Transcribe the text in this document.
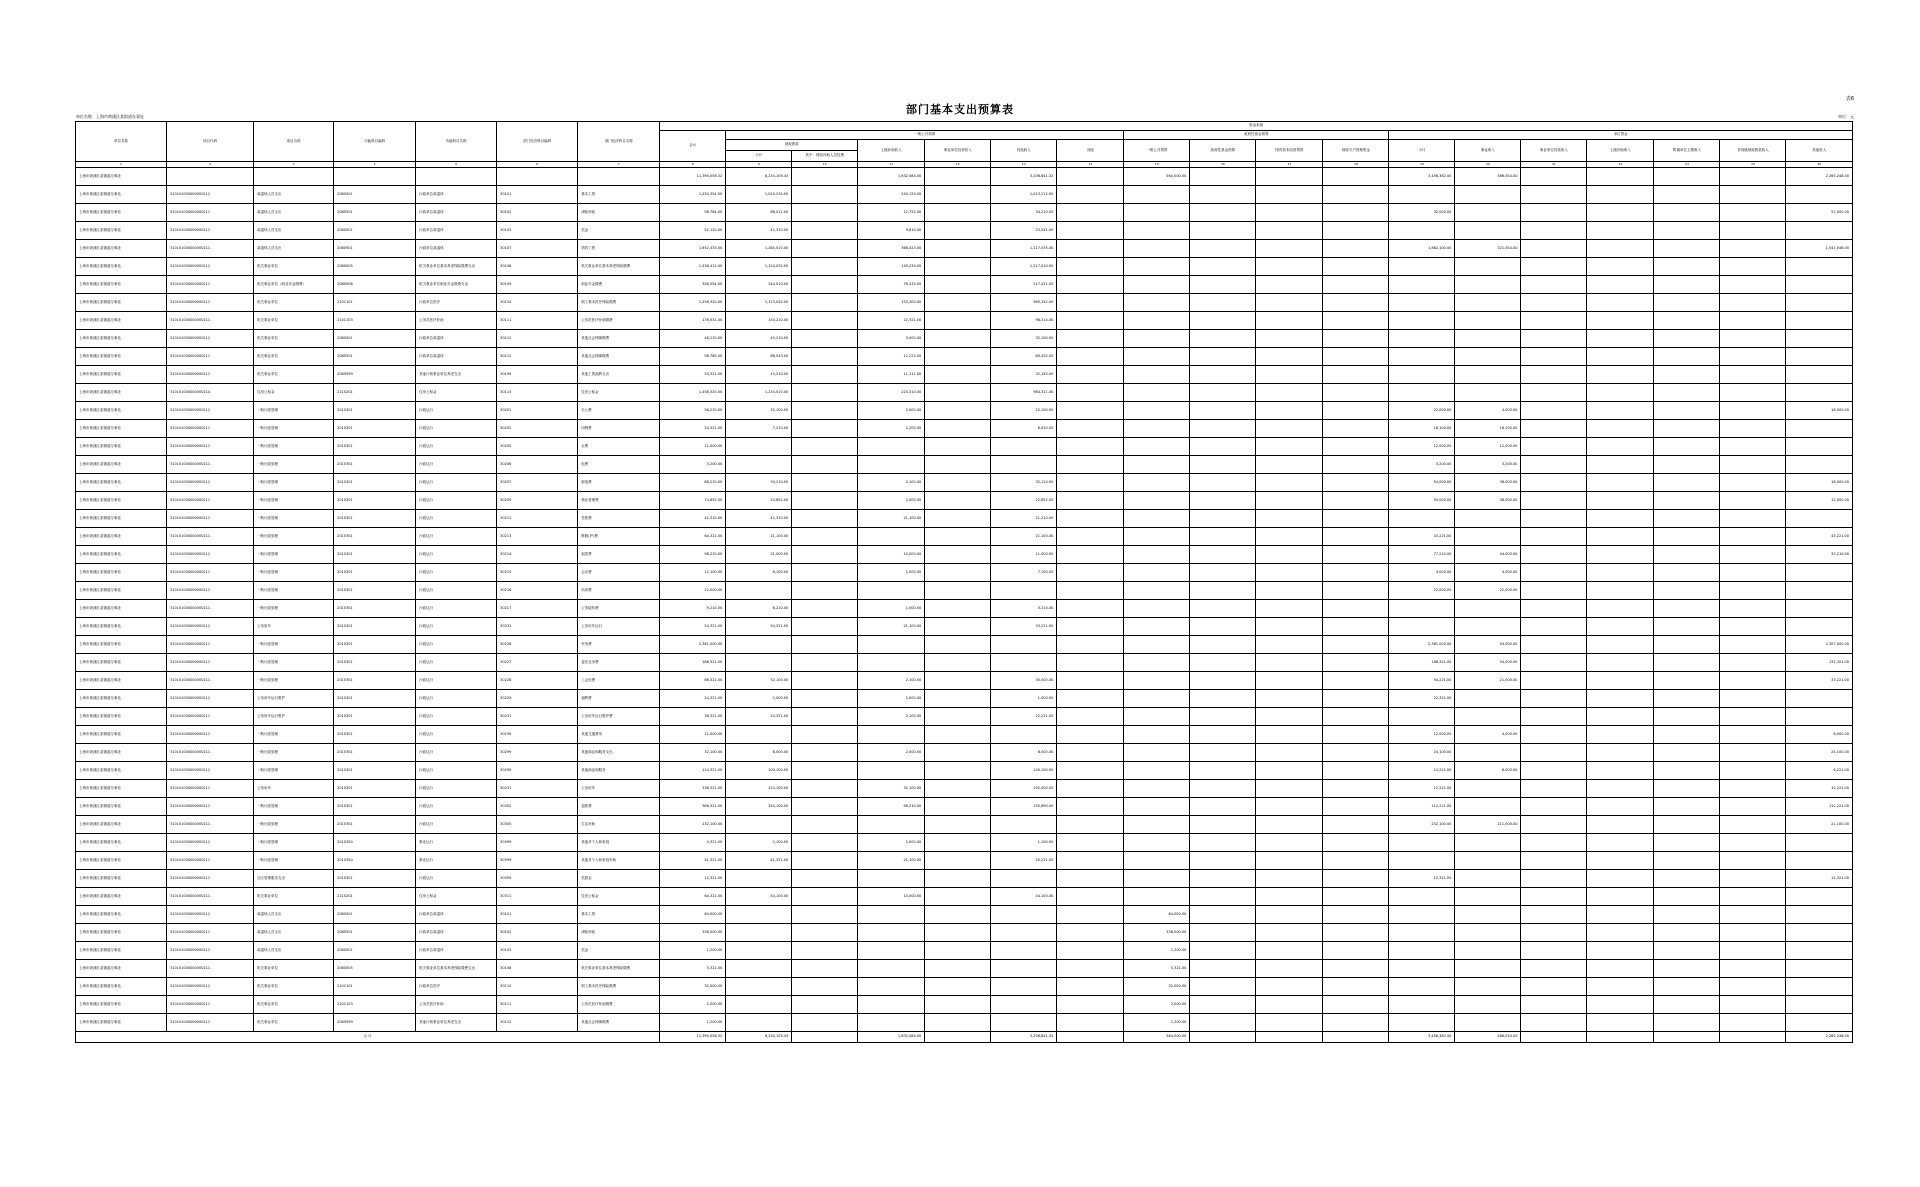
部门基本支出预算表
表6
单位名称：上海市黄浦区某街道办事处	单位：元
单位名称	项目代码	项目名称	功能科目编码	功能科目名称	部门经济科目编码	部门经济科目名称	资金来源																	
							合计	一般公共预算						政府性基金预算				单位资金						
								财政拨款		上级补助收入	事业单位经营收入	其他收入	其他	一般公共预算	政府性基金预算	国有资本经营预算	财政专户管理资金	小计	事业收入	事业单位经营收入	上级补助收入	附属单位上缴收入	非同级财政拨款收入	其他收入
								小计	其中：财政补助人员经费															
1	2	3	4	5	6	7	8	9	10	11	12	13	14	15	16	17	18	19	20	21	22	23	24	25
上海市黄浦区某街道办事处							11,390,056.32	8,234,105.43		1,632,084.00		3,206,841.32		564,000.00				3,456,382.00	586,054.00					2,265,248.00
上海市黄浦区某街道办事处	310101000000000211	离退休人员支出	2080501	行政单位离退休	30101	基本工资	1,250,354.00	1,010,234.00		240,120.00		1,013,212.00												
上海市黄浦区某街道办事处	310101000000000211	离退休人员支出	2080501	行政单位离退休	30102	津贴补贴	98,764.00	86,012.00		12,752.00		34,210.00						32,000.00						52,000.00
上海市黄浦区某街道办事处	310101000000000211	离退休人员支出	2080501	行政单位离退休	30103	奖金	52,120.00	42,310.00		9,810.00		23,541.00												
上海市黄浦区某街道办事处	310101000000000211	离退休人员支出	2080501	行政单位离退休	30107	绩效工资	1,652,433.00	1,284,010.00		368,423.00		1,217,035.00						1,862,100.00	321,054.00					1,541,046.00
上海市黄浦区某街道办事处	310101000000000211	机关事业单位	2080505	机关事业单位基本养老保险缴费支出	30108	机关事业单位基本养老保险缴费	1,536,412.00	1,124,032.00		145,230.00		1,217,010.00												
上海市黄浦区某街道办事处	310101000000000211	机关事业单位（职业年金缴费）	2080506	机关事业单位职业年金缴费支出	30109	职业年金缴费	326,554.00	244,010.00		76,432.00		217,421.00												
上海市黄浦区某街道办事处	310101000000000211	机关事业单位	2101101	行政单位医疗	30110	职工基本医疗保险缴费	1,256,320.00	1,123,020.00		133,300.00		985,342.00												
上海市黄浦区某街道办事处	310101000000000211	机关事业单位	2101103	公务员医疗补助	30111	公务员医疗补助缴费	176,531.00	154,210.00		22,321.00		98,214.00												
上海市黄浦区某街道办事处	310101000000000211	机关事业单位	2080501	行政单位离退休	30112	其他社会保障缴费	46,210.00	43,210.00		3,000.00		32,100.00												
上海市黄浦区某街道办事处	310101000000000211	机关事业单位	2080501	行政单位离退休	30112	其他社会保障缴费	98,765.00	86,543.00		12,222.00		65,432.00												
上海市黄浦区某街道办事处	310101000000000211	机关事业单位	2080599	其他行政事业单位养老支出	30199	其他工资福利支出	54,321.00	43,210.00		11,111.00		32,145.00												
上海市黄浦区某街道办事处	310101000000000214	住房公积金	2210201	住房公积金	30113	住房公积金	1,458,320.00	1,234,010.00		224,310.00		984,321.00												
上海市黄浦区某街道办事处	310101000000000211	一般行政管理	2010301	行政运行	30201	办公费	56,210.00	32,100.00		2,000.00		22,100.00						22,000.00	4,000.00					18,000.00
上海市黄浦区某街道办事处	310101000000000211	一般行政管理	2010301	行政运行	30202	印刷费	24,521.00	7,210.00		1,200.00		6,010.00						16,100.00	16,100.00					
上海市黄浦区某街道办事处	310101000000000211	一般行政管理	2010301	行政运行	30205	水费	12,000.00											12,000.00	12,000.00					
上海市黄浦区某街道办事处	310101000000000211	一般行政管理	2010301	行政运行	30206	电费	3,200.00											3,200.00	3,200.00					
上海市黄浦区某街道办事处	310101000000000211	一般行政管理	2010301	行政运行	30207	邮电费	88,210.00	34,210.00		2,100.00		32,110.00						54,000.00	38,000.00					16,000.00
上海市黄浦区某街道办事处	310101000000000211	一般行政管理	2010301	行政运行	30209	物业管理费	74,652.00	24,652.00		2,000.00		22,652.00						50,000.00	38,000.00					12,000.00
上海市黄浦区某街道办事处	310101000000000211	一般行政管理	2010301	行政运行	30211	差旅费	42,310.00	42,310.00		21,100.00		21,210.00												
上海市黄浦区某街道办事处	310101000000000211	一般行政管理	2010301	行政运行	30213	维修(护)费	64,321.00	21,100.00				21,100.00						43,221.00						43,221.00
上海市黄浦区某街道办事处	310101000000000211	一般行政管理	2010301	行政运行	30214	租赁费	98,210.00	21,000.00		10,000.00		11,000.00						77,210.00	44,000.00					33,210.00
上海市黄浦区某街道办事处	310101000000000211	一般行政管理	2010301	行政运行	30215	会议费	12,100.00	8,100.00		1,000.00		7,100.00						4,000.00	4,000.00					
上海市黄浦区某街道办事处	310101000000000211	一般行政管理	2010301	行政运行	30216	培训费	22,000.00											22,000.00	22,000.00					
上海市黄浦区某街道办事处	310101000000000211	一般行政管理	2010301	行政运行	30217	公务接待费	9,210.00	6,210.00		1,000.00		5,210.00												
上海市黄浦区某街道办事处	310101000000000211	公务用车	2010301	行政运行	30231	公务用车运行	54,321.00	54,321.00		21,100.00		33,221.00												
上海市黄浦区某街道办事处	310101000000000211	一般行政管理	2010301	行政运行	30226	劳务费	2,361,000.00											2,361,000.00	54,000.00					2,307,000.00
上海市黄浦区某街道办事处	310101000000000211	一般行政管理	2010301	行政运行	30227	委托业务费	186,321.00											186,321.00	54,000.00					132,321.00
上海市黄浦区某街道办事处	310101000000000211	一般行政管理	2010301	行政运行	30228	工会经费	86,321.00	32,100.00		2,100.00		30,000.00						54,221.00	21,000.00					33,221.00
上海市黄浦区某街道办事处	310101000000000211	公务用车运行维护	2010301	行政运行	30229	福利费	24,321.00	2,000.00		1,000.00		1,000.00						22,321.00						
上海市黄浦区某街道办事处	310101000000000211	公务用车运行维护	2010301	行政运行	30231	公务用车运行维护费	36,321.00	24,321.00		2,100.00		22,221.00												
上海市黄浦区某街道办事处	310101000000000211	一般行政管理	2010301	行政运行	30239	其他交通费用	12,000.00											12,000.00	4,000.00					8,000.00
上海市黄浦区某街道办事处	310101000000000211	一般行政管理	2010301	行政运行	30299	其他商品和服务支出	32,100.00	8,000.00		2,000.00		6,000.00						24,100.00						24,100.00
上海市黄浦区某街道办事处	310101000000000211	一般行政管理	2010301	行政运行	30299	其他商品和服务	114,321.00	100,100.00				100,100.00						14,221.00	8,000.00					6,221.00
上海市黄浦区某街道办事处	310101000000000211	公务用车	2010301	行政运行	30231	公务用车	236,321.00	224,100.00		32,100.00		192,000.00						12,221.00						12,221.00
上海市黄浦区某街道办事处	310101000000000211	一般行政管理	2010301	行政运行	30302	退休费	366,321.00	254,100.00		98,210.00		155,890.00						112,221.00						112,221.00
上海市黄浦区某街道办事处	310101000000000211	一般行政管理	2010301	行政运行	30305	生活补助	232,100.00											232,100.00	211,000.00					21,100.00
上海市黄浦区某街道办事处	310101000000000211	一般行政管理	2010350	事业运行	30399	其他对个人和家庭	4,321.00	2,100.00		1,000.00		1,100.00												
上海市黄浦区某街道办事处	310101000000000211	一般行政管理	2010350	事业运行	30399	其他对个人和家庭补助	41,321.00	41,321.00		21,100.00		20,221.00												
上海市黄浦区某街道办事处	310101000000000211	社区管理服务支出	2010301	行政运行	30309	奖励金	12,321.00											12,321.00						12,321.00
上海市黄浦区某街道办事处	310101000000000211	机关事业单位	2210201	住房公积金	30311	住房公积金	64,321.00	54,100.00		10,000.00		44,100.00												
上海市黄浦区某街道办事处	310101000000000211	离退休人员支出	2080501	行政单位离退休	30101	基本工资	64,000.00							64,000.00										
上海市黄浦区某街道办事处	310101000000000211	离退休人员支出	2080501	行政单位离退休	30102	津贴补贴	256,000.00							256,000.00										
上海市黄浦区某街道办事处	310101000000000211	离退休人员支出	2080501	行政单位离退休	30103	奖金	1,200.00							1,200.00										
上海市黄浦区某街道办事处	310101000000000211	机关事业单位	2080505	机关事业单位基本养老保险缴费支出	30108	机关事业单位基本养老保险缴费	3,321.00							3,321.00										
上海市黄浦区某街道办事处	310101000000000211	机关事业单位	2101101	行政单位医疗	30110	职工基本医疗保险缴费	32,000.00							32,000.00										
上海市黄浦区某街道办事处	310101000000000211	机关事业单位	2101103	公务员医疗补助	30111	公务员医疗补助缴费	2,000.00							2,000.00										
上海市黄浦区某街道办事处	310101000000000211	机关事业单位	2080599	其他行政事业单位养老支出	30112	其他社会保障缴费	1,200.00							1,200.00										
合 计							11,390,056.32	8,234,105.43		1,632,084.00		3,206,841.32		564,000.00				3,456,382.00	586,054.00					2,265,248.00
